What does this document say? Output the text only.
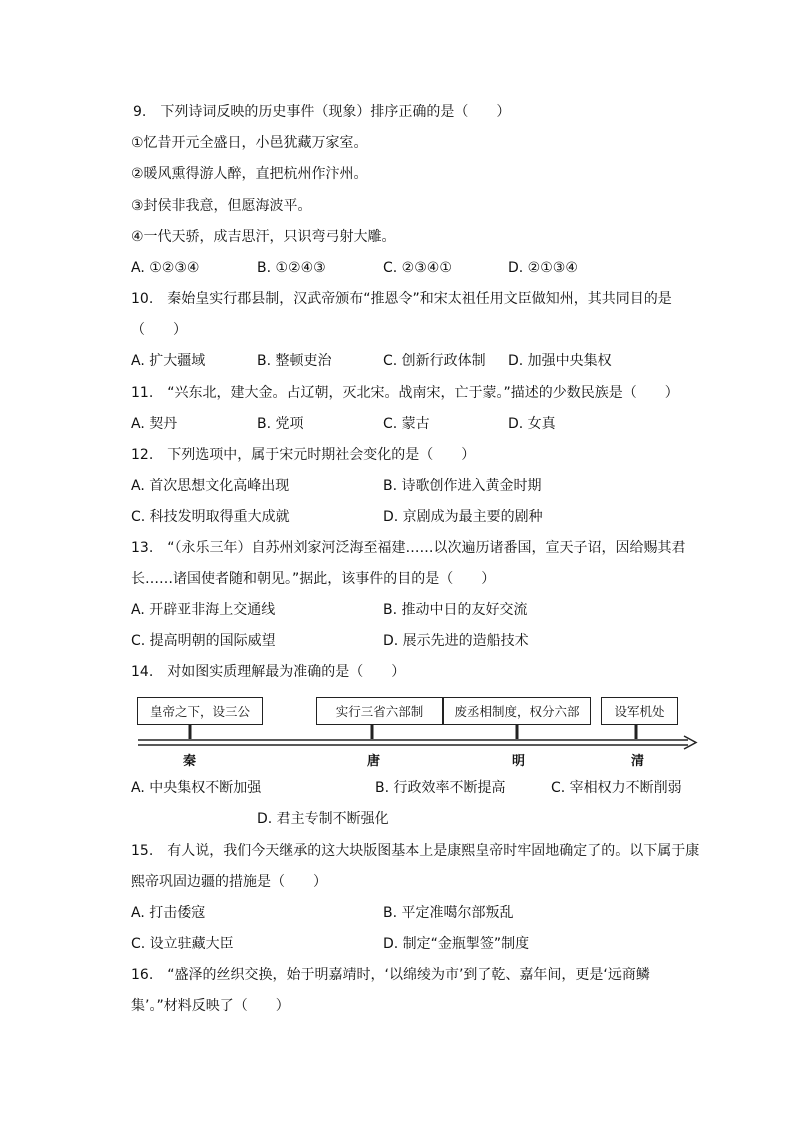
9.　下列诗词反映的历史事件（现象）排序正确的是（　　）
①忆昔开元全盛日，小邑犹藏万家室。
②暖风熏得游人醉，直把杭州作汴州。
③封侯非我意，但愿海波平。
④一代天骄，成吉思汗，只识弯弓射大雕。
A. ①②③④	B. ①②④③	C. ②③④①	D. ②①③④
10.　秦始皇实行郡县制，汉武帝颁布“推恩令”和宋太祖任用文臣做知州，其共同目的是
（　　）
A. 扩大疆域	B. 整顿吏治	C. 创新行政体制 D. 加强中央集权
11.　“兴东北，建大金。占辽朝，灭北宋。战南宋，亡于蒙。”描述的少数民族是（　　）
A. 契丹	B. 党项	C. 蒙古	D. 女真
12.　下列选项中，属于宋元时期社会变化的是（　　）
A. 首次思想文化高峰出现	B. 诗歌创作进入黄金时期
C. 科技发明取得重大成就	D. 京剧成为最主要的剧种
13.　“（永乐三年）自苏州刘家河泛海至福建……以次遍历诸番国，宣天子诏，因给赐其君
长……诸国使者随和朝见。”据此，该事件的目的是（　　）
A. 开辟亚非海上交通线	B. 推动中日的友好交流
C. 提高明朝的国际威望	D. 展示先进的造船技术
14.　对如图实质理解最为准确的是（　　）
皇帝之下，设三公	实行三省六部制	废丞相制度，权分六部	设军机处
秦	唐	明	清
A. 中央集权不断加强	B. 行政效率不断提高	C. 宰相权力不断削弱
D. 君主专制不断强化
15.　有人说，我们今天继承的这大块版图基本上是康熙皇帝时牢固地确定了的。以下属于康
熙帝巩固边疆的措施是（　　）
A. 打击倭寇	B. 平定准噶尔部叛乱
C. 设立驻藏大臣	D. 制定“金瓶掣签”制度
16.　“盛泽的丝织交换，始于明嘉靖时，‘以绵绫为市’到了乾、嘉年间，更是‘远商鳞
集’。”材料反映了（　　）
